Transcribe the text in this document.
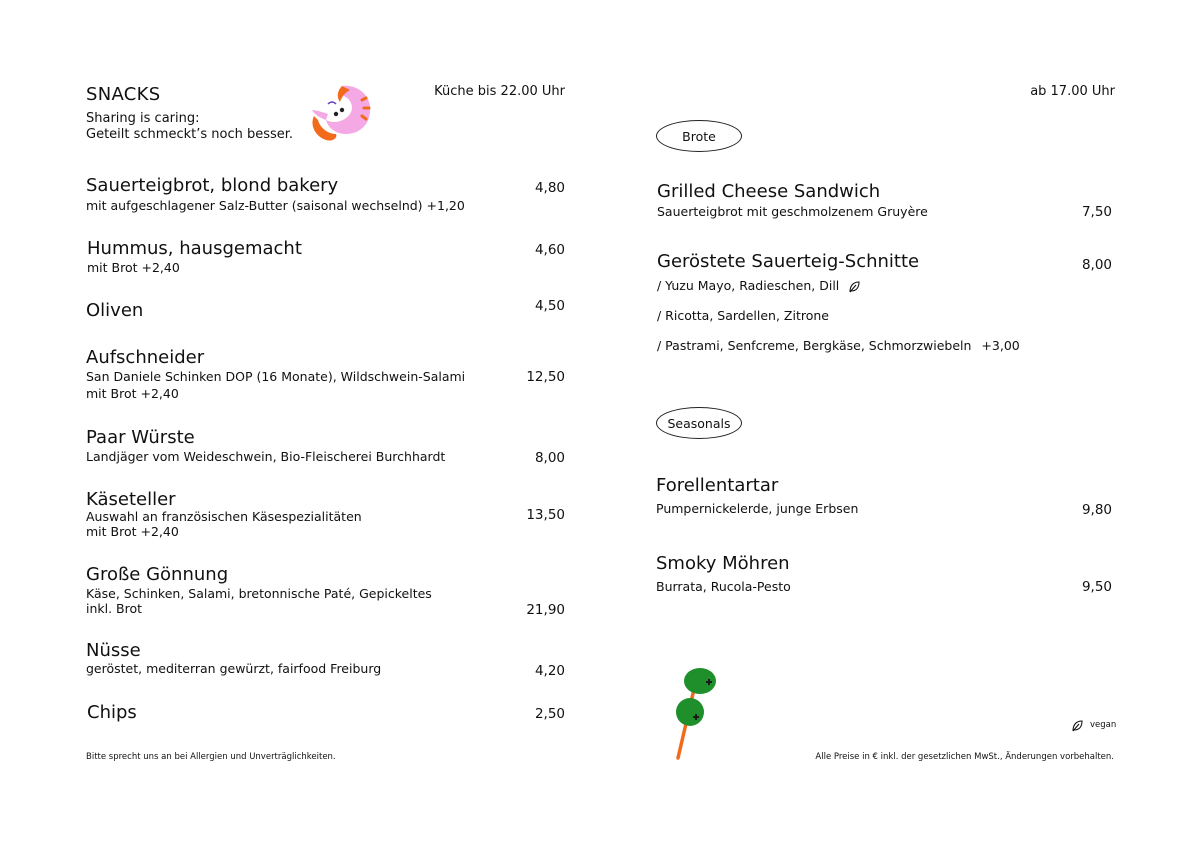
SNACKS
Sharing is caring:
Geteilt schmeckt’s noch besser.
Küche bis 22.00 Uhr
Sauerteigbrot, blond bakery
mit aufgeschlagener Salz-Butter (saisonal wechselnd) +1,20
4,80
Hummus, hausgemacht
mit Brot +2,40
4,60
Oliven	4,50
Aufschneider
San Daniele Schinken DOP (16 Monate), Wildschwein-Salami
mit Brot +2,40
12,50
Paar Würste
Landjäger vom Weideschwein, Bio-Fleischerei Burchhardt	8,00
Käseteller
Auswahl an französischen Käsespezialitäten
mit Brot +2,40
13,50
Große Gönnung
Käse, Schinken, Salami, bretonnische Paté, Gepickeltes
inkl. Brot	21,90
Nüsse
geröstet, mediterran gewürzt, fairfood Freiburg	4,20
Chips	2,50
Bitte sprecht uns an bei Allergien und Unverträglichkeiten.
ab 17.00 Uhr
Brote
Grilled Cheese Sandwich
Sauerteigbrot mit geschmolzenem Gruyère	7,50
Geröstete Sauerteig-Schnitte	8,00
/ Yuzu Mayo, Radieschen, Dill
/ Ricotta, Sardellen, Zitrone
/ Pastrami, Senfcreme, Bergkäse, Schmorzwiebeln +3,00
Seasonals
Forellentartar
Pumpernickelerde, junge Erbsen	9,80
Smoky Möhren
Burrata, Rucola-Pesto	9,50
vegan
Alle Preise in € inkl. der gesetzlichen MwSt., Änderungen vorbehalten.
